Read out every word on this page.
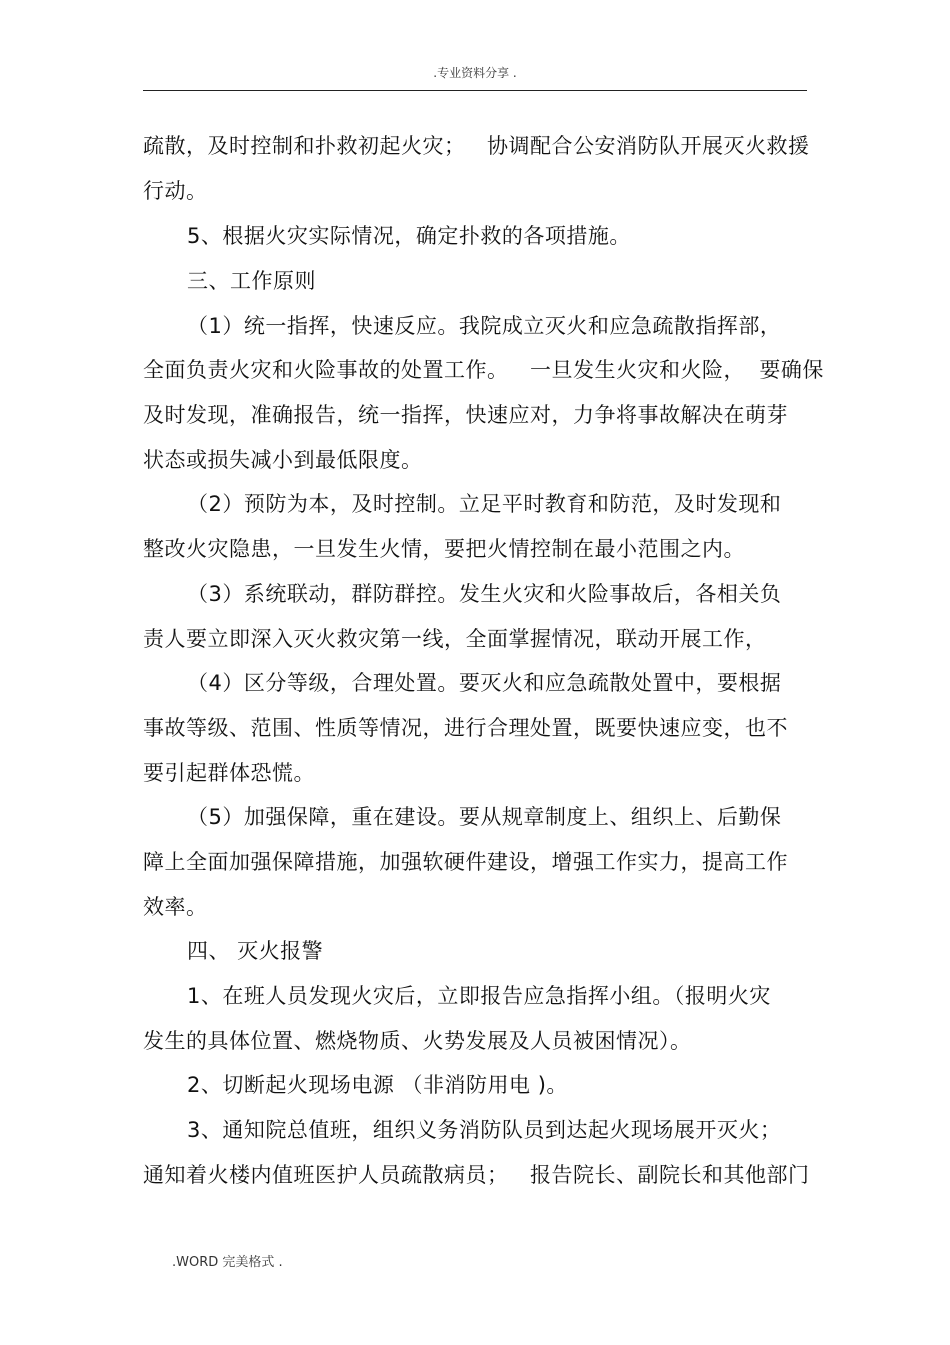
.专业资料分享 .
疏散，及时控制和扑救初起火灾；   协调配合公安消防队开展灭火救援
行动。
5、根据火灾实际情况，确定扑救的各项措施。
三、工作原则
（1）统一指挥，快速反应。我院成立灭火和应急疏散指挥部，
全面负责火灾和火险事故的处置工作。   一旦发生火灾和火险，  要确保
及时发现，准确报告，统一指挥，快速应对，力争将事故解决在萌芽
状态或损失减小到最低限度。
（2）预防为本，及时控制。立足平时教育和防范，及时发现和
整改火灾隐患，一旦发生火情，要把火情控制在最小范围之内。
（3）系统联动，群防群控。发生火灾和火险事故后，各相关负
责人要立即深入灭火救灾第一线，全面掌握情况，联动开展工作，
（4）区分等级，合理处置。要灭火和应急疏散处置中，要根据
事故等级、范围、性质等情况，进行合理处置，既要快速应变，也不
要引起群体恐慌。
（5）加强保障，重在建设。要从规章制度上、组织上、后勤保
障上全面加强保障措施，加强软硬件建设，增强工作实力，提高工作
效率。
四、 灭火报警
1、在班人员发现火灾后，立即报告应急指挥小组。（报明火灾
发生的具体位置、燃烧物质、火势发展及人员被困情况）。
2、切断起火现场电源 （非消防用电 )。
3、通知院总值班，组织义务消防队员到达起火现场展开灭火；
通知着火楼内值班医护人员疏散病员；   报告院长、副院长和其他部门
.WORD 完美格式 .
